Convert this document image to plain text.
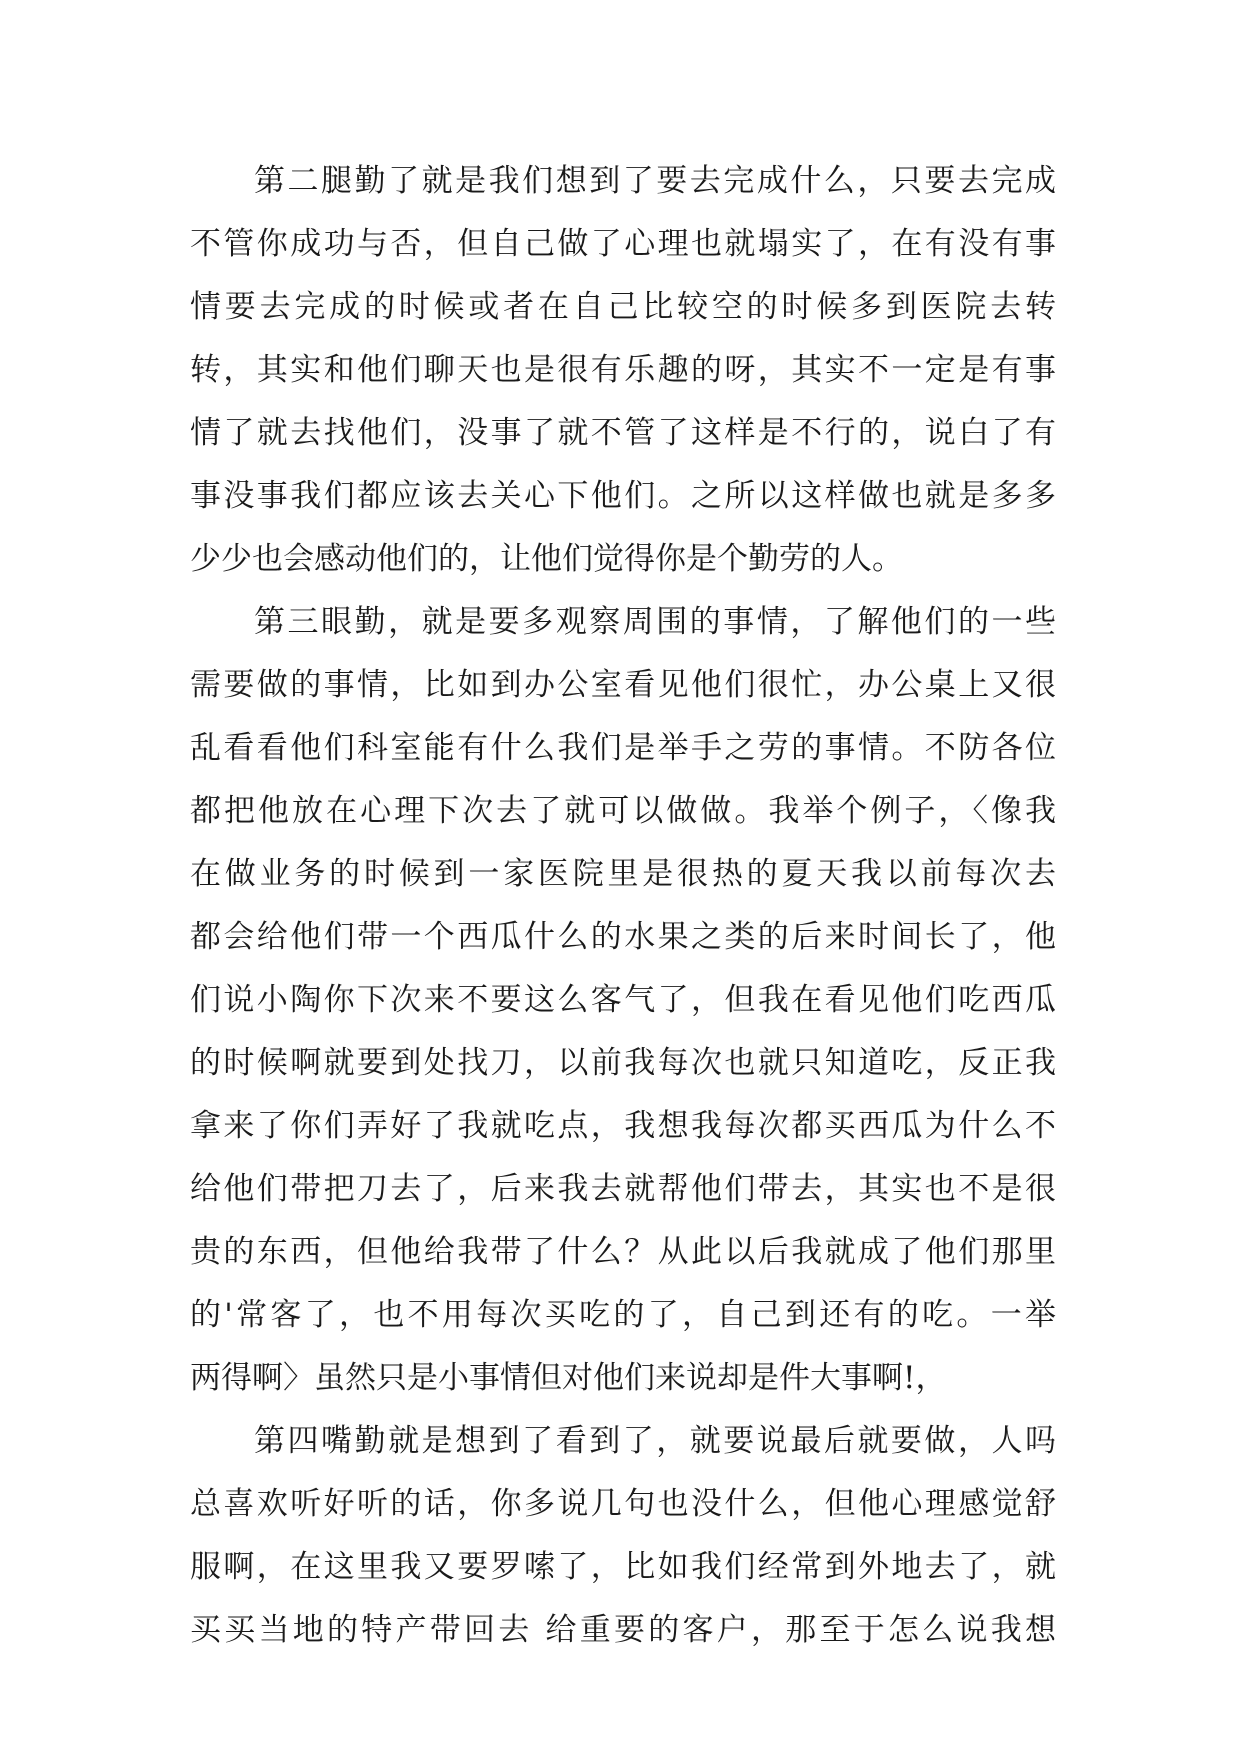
第二腿勤了就是我们想到了要去完成什么，只要去完成
不管你成功与否，但自己做了心理也就塌实了，在有没有事
情要去完成的时候或者在自己比较空的时候多到医院去转
转，其实和他们聊天也是很有乐趣的呀，其实不一定是有事
情了就去找他们，没事了就不管了这样是不行的，说白了有
事没事我们都应该去关心下他们。之所以这样做也就是多多
少少也会感动他们的，让他们觉得你是个勤劳的人。
第三眼勤，就是要多观察周围的事情，了解他们的一些
需要做的事情，比如到办公室看见他们很忙，办公桌上又很
乱看看他们科室能有什么我们是举手之劳的事情。不防各位
都把他放在心理下次去了就可以做做。我举个例子，〈像我
在做业务的时候到一家医院里是很热的夏天我以前每次去
都会给他们带一个西瓜什么的水果之类的后来时间长了，他
们说小陶你下次来不要这么客气了，但我在看见他们吃西瓜
的时候啊就要到处找刀，以前我每次也就只知道吃，反正我
拿来了你们弄好了我就吃点，我想我每次都买西瓜为什么不
给他们带把刀去了，后来我去就帮他们带去，其实也不是很
贵的东西，但他给我带了什么？从此以后我就成了他们那里
的'常客了，也不用每次买吃的了，自己到还有的吃。一举
两得啊〉虽然只是小事情但对他们来说却是件大事啊!，
第四嘴勤就是想到了看到了，就要说最后就要做，人吗
总喜欢听好听的话，你多说几句也没什么，但他心理感觉舒
服啊，在这里我又要罗嗦了，比如我们经常到外地去了，就
买买当地的特产带回去 给重要的客户，那至于怎么说我想
